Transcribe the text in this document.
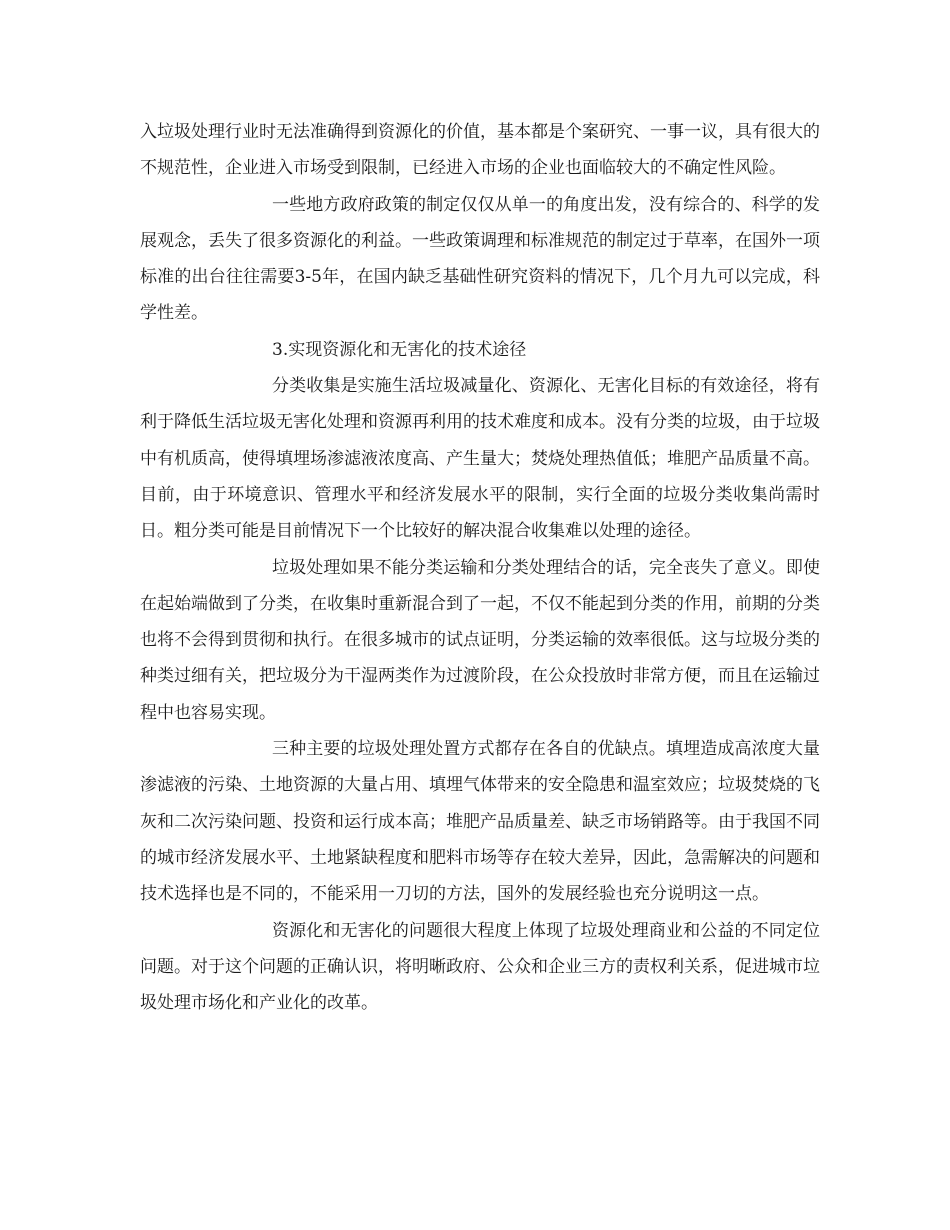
入垃圾处理行业时无法准确得到资源化的价值，基本都是个案研究、一事一议，具有很大的不规范性，企业进入市场受到限制，已经进入市场的企业也面临较大的不确定性风险。

一些地方政府政策的制定仅仅从单一的角度出发，没有综合的、科学的发展观念，丢失了很多资源化的利益。一些政策调理和标准规范的制定过于草率，在国外一项标准的出台往往需要3-5年，在国内缺乏基础性研究资料的情况下，几个月九可以完成，科学性差。

3.实现资源化和无害化的技术途径

分类收集是实施生活垃圾减量化、资源化、无害化目标的有效途径，将有利于降低生活垃圾无害化处理和资源再利用的技术难度和成本。没有分类的垃圾，由于垃圾中有机质高，使得填埋场渗滤液浓度高、产生量大；焚烧处理热值低；堆肥产品质量不高。目前，由于环境意识、管理水平和经济发展水平的限制，实行全面的垃圾分类收集尚需时日。粗分类可能是目前情况下一个比较好的解决混合收集难以处理的途径。

垃圾处理如果不能分类运输和分类处理结合的话，完全丧失了意义。即使在起始端做到了分类，在收集时重新混合到了一起，不仅不能起到分类的作用，前期的分类也将不会得到贯彻和执行。在很多城市的试点证明，分类运输的效率很低。这与垃圾分类的种类过细有关，把垃圾分为干湿两类作为过渡阶段，在公众投放时非常方便，而且在运输过程中也容易实现。

三种主要的垃圾处理处置方式都存在各自的优缺点。填埋造成高浓度大量渗滤液的污染、土地资源的大量占用、填埋气体带来的安全隐患和温室效应；垃圾焚烧的飞灰和二次污染问题、投资和运行成本高；堆肥产品质量差、缺乏市场销路等。由于我国不同的城市经济发展水平、土地紧缺程度和肥料市场等存在较大差异，因此，急需解决的问题和技术选择也是不同的，不能采用一刀切的方法，国外的发展经验也充分说明这一点。

资源化和无害化的问题很大程度上体现了垃圾处理商业和公益的不同定位问题。对于这个问题的正确认识，将明晰政府、公众和企业三方的责权利关系，促进城市垃圾处理市场化和产业化的改革。
